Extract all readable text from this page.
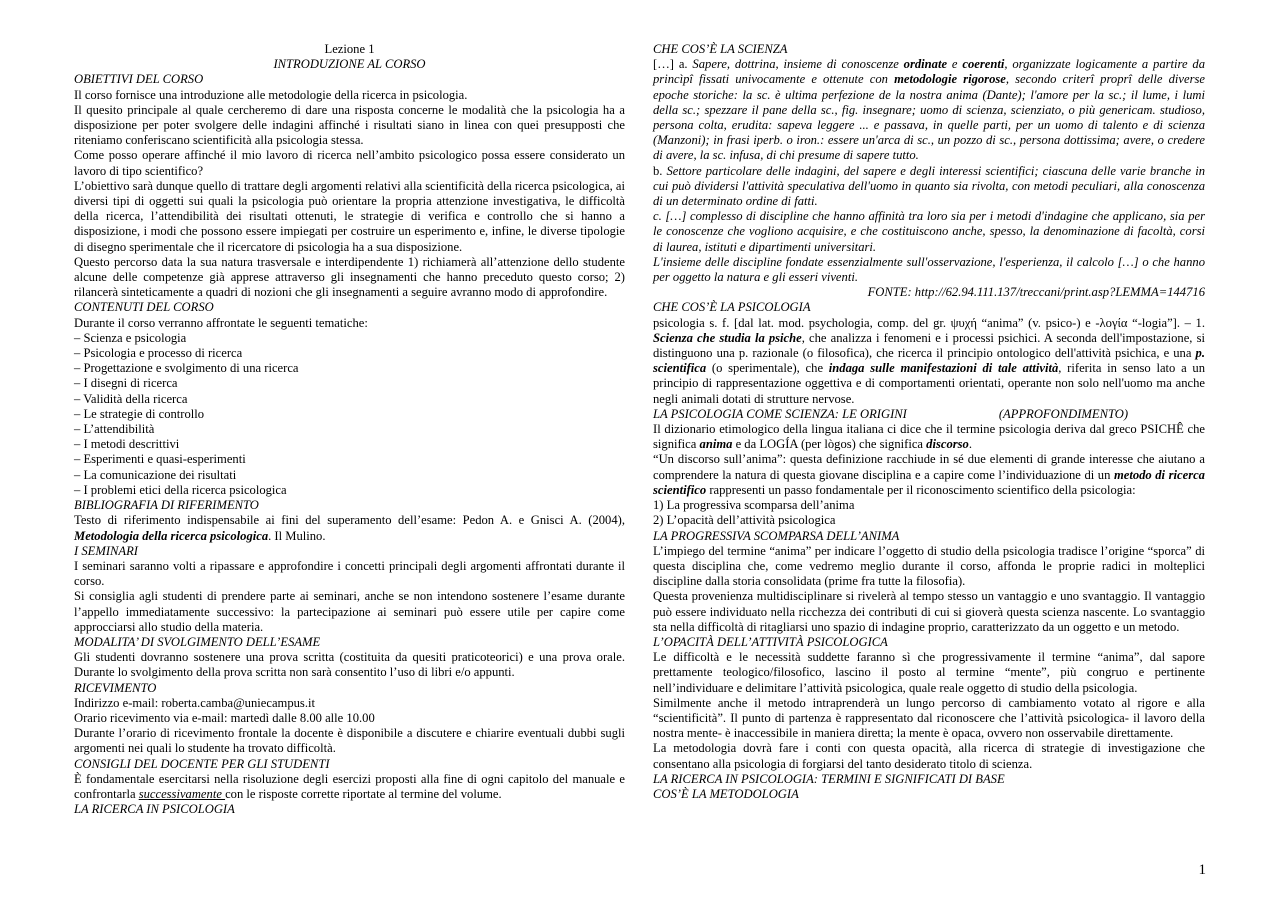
Lezione 1

INTRODUZIONE AL CORSO

OBIETTIVI DEL CORSO

Il corso fornisce una introduzione alle metodologie della ricerca in psicologia.

Il quesito principale al quale cercheremo di dare una risposta concerne le modalità che la psicologia ha a disposizione per poter svolgere delle indagini affinché i risultati siano in linea con quei presupposti che riteniamo conferiscano scientificità alla psicologia stessa.

Come posso operare affinché il mio lavoro di ricerca nell’ambito psicologico possa essere considerato un lavoro di tipo scientifico?

L’obiettivo sarà dunque quello di trattare degli argomenti relativi alla scientificità della ricerca psicologica, ai diversi tipi di oggetti sui quali la psicologia può orientare la propria attenzione investigativa, le difficoltà della ricerca, l’attendibilità dei risultati ottenuti, le strategie di verifica e controllo che si hanno a disposizione, i modi che possono essere impiegati per costruire un esperimento e, infine, le diverse tipologie di disegno sperimentale che il ricercatore di psicologia ha a sua disposizione.

Questo percorso data la sua natura trasversale e interdipendente 1) richiamerà all’attenzione dello studente alcune delle competenze già apprese attraverso gli insegnamenti che hanno preceduto questo corso; 2) rilancerà sinteticamente a quadri di nozioni che gli insegnamenti a seguire avranno modo di approfondire.

CONTENUTI DEL CORSO

Durante il corso verranno affrontate le seguenti tematiche:

– Scienza e psicologia

– Psicologia e processo di ricerca

– Progettazione e svolgimento di una ricerca

– I disegni di ricerca

– Validità della ricerca

– Le strategie di controllo

– L’attendibilità

– I metodi descrittivi

– Esperimenti e quasi-esperimenti

– La comunicazione dei risultati

– I problemi etici della ricerca psicologica

BIBLIOGRAFIA DI RIFERIMENTO

Testo di riferimento indispensabile ai fini del superamento dell’esame: Pedon A. e Gnisci A. (2004), Metodologia della ricerca psicologica. Il Mulino.

I SEMINARI

I seminari saranno volti a ripassare e approfondire i concetti principali degli argomenti affrontati durante il corso.

Si consiglia agli studenti di prendere parte ai seminari, anche se non intendono sostenere l’esame durante l’appello immediatamente successivo: la partecipazione ai seminari può essere utile per capire come approcciarsi allo studio della materia.

MODALITA’ DI SVOLGIMENTO DELL’ESAME

Gli studenti dovranno sostenere una prova scritta (costituita da quesiti praticoteorici) e una prova orale. Durante lo svolgimento della prova scritta non sarà consentito l’uso di libri e/o appunti.

RICEVIMENTO

Indirizzo e-mail: roberta.camba@uniecampus.it

Orario ricevimento via e-mail: martedì dalle 8.00 alle 10.00

Durante l’orario di ricevimento frontale la docente è disponibile a discutere e chiarire eventuali dubbi sugli argomenti nei quali lo studente ha trovato difficoltà.

CONSIGLI DEL DOCENTE PER GLI STUDENTI

È fondamentale esercitarsi nella risoluzione degli esercizi proposti alla fine di ogni capitolo del manuale e confrontarla successivamente con le risposte corrette riportate al termine del volume.

LA RICERCA IN PSICOLOGIA

CHE COS’È LA SCIENZA

[…] a. Sapere, dottrina, insieme di conoscenze ordinate e coerenti, organizzate logicamente a partire da princìpî fissati univocamente e ottenute con metodologie rigorose, secondo criterî proprî delle diverse epoche storiche: la sc. è ultima perfezione de la nostra anima (Dante); l'amore per la sc.; il lume, i lumi della sc.; spezzare il pane della sc., fig. insegnare; uomo di scienza, scienziato, o più genericam. studioso, persona colta, erudita: sapeva leggere ... e passava, in quelle parti, per un uomo di talento e di scienza (Manzoni); in frasi iperb. o iron.: essere un'arca di sc., un pozzo di sc., persona dottissima; avere, o credere di avere, la sc. infusa, di chi presume di sapere tutto.

b. Settore particolare delle indagini, del sapere e degli interessi scientifici; ciascuna delle varie branche in cui può dividersi l'attività speculativa dell'uomo in quanto sia rivolta, con metodi peculiari, alla conoscenza di un determinato ordine di fatti.

c. […] complesso di discipline che hanno affinità tra loro sia per i metodi d'indagine che applicano, sia per le conoscenze che vogliono acquisire, e che costituiscono anche, spesso, la denominazione di facoltà, corsi di laurea, istituti e dipartimenti universitari.

L'insieme delle discipline fondate essenzialmente sull'osservazione, l'esperienza, il calcolo […] o che hanno per oggetto la natura e gli esseri viventi.

FONTE: http://62.94.111.137/treccani/print.asp?LEMMA=144716

CHE COS’È LA PSICOLOGIA

psicologia s. f. [dal lat. mod. psychologia, comp. del gr. ψυχή “anima” (v. psico-) e -λογία “-logia”]. – 1. Scienza che studia la psiche, che analizza i fenomeni e i processi psichici. A seconda dell'impostazione, si distinguono una p. razionale (o filosofica), che ricerca il principio ontologico dell'attività psichica, e una p. scientifica (o sperimentale), che indaga sulle manifestazioni di tale attività, riferita in senso lato a un principio di rappresentazione oggettiva e di comportamenti orientati, operante non solo nell'uomo ma anche negli animali dotati di strutture nervose.

LA PSICOLOGIA COME SCIENZA: LE ORIGINI	(APPROFONDIMENTO)

Il dizionario etimologico della lingua italiana ci dice che il termine psicologia deriva dal greco PSICHÊ che significa anima e da LOGÍA (per lògos) che significa discorso.

“Un discorso sull’anima”: questa definizione racchiude in sé due elementi di grande interesse che aiutano a comprendere la natura di questa giovane disciplina e a capire come l’individuazione di un metodo di ricerca scientifico rappresenti un passo fondamentale per il riconoscimento scientifico della psicologia:

1) La progressiva scomparsa dell’anima

2) L’opacità dell’attività psicologica

LA PROGRESSIVA SCOMPARSA DELL’ANIMA

L’impiego del termine “anima” per indicare l’oggetto di studio della psicologia tradisce l’origine “sporca” di questa disciplina che, come vedremo meglio durante il corso, affonda le proprie radici in molteplici discipline dalla storia consolidata (prime fra tutte la filosofia).

Questa provenienza multidisciplinare si rivelerà al tempo stesso un vantaggio e uno svantaggio. Il vantaggio può essere individuato nella ricchezza dei contributi di cui si gioverà questa scienza nascente. Lo svantaggio sta nella difficoltà di ritagliarsi uno spazio di indagine proprio, caratterizzato da un oggetto e un metodo.

L’OPACITÀ DELL’ATTIVITÀ PSICOLOGICA

Le difficoltà e le necessità suddette faranno sì che progressivamente il termine “anima”, dal sapore prettamente teologico/filosofico, lascino il posto al termine “mente”, più congruo e pertinente nell’individuare e delimitare l’attività psicologica, quale reale oggetto di studio della psicologia.

Similmente anche il metodo intraprenderà un lungo percorso di cambiamento votato al rigore e alla “scientificità”. Il punto di partenza è rappresentato dal riconoscere che l’attività psicologica- il lavoro della nostra mente- è inaccessibile in maniera diretta; la mente è opaca, ovvero non osservabile direttamente.

La metodologia dovrà fare i conti con questa opacità, alla ricerca di strategie di investigazione che consentano alla psicologia di forgiarsi del tanto desiderato titolo di scienza.

LA RICERCA IN PSICOLOGIA: TERMINI E SIGNIFICATI DI BASE

COS’È LA METODOLOGIA

1
